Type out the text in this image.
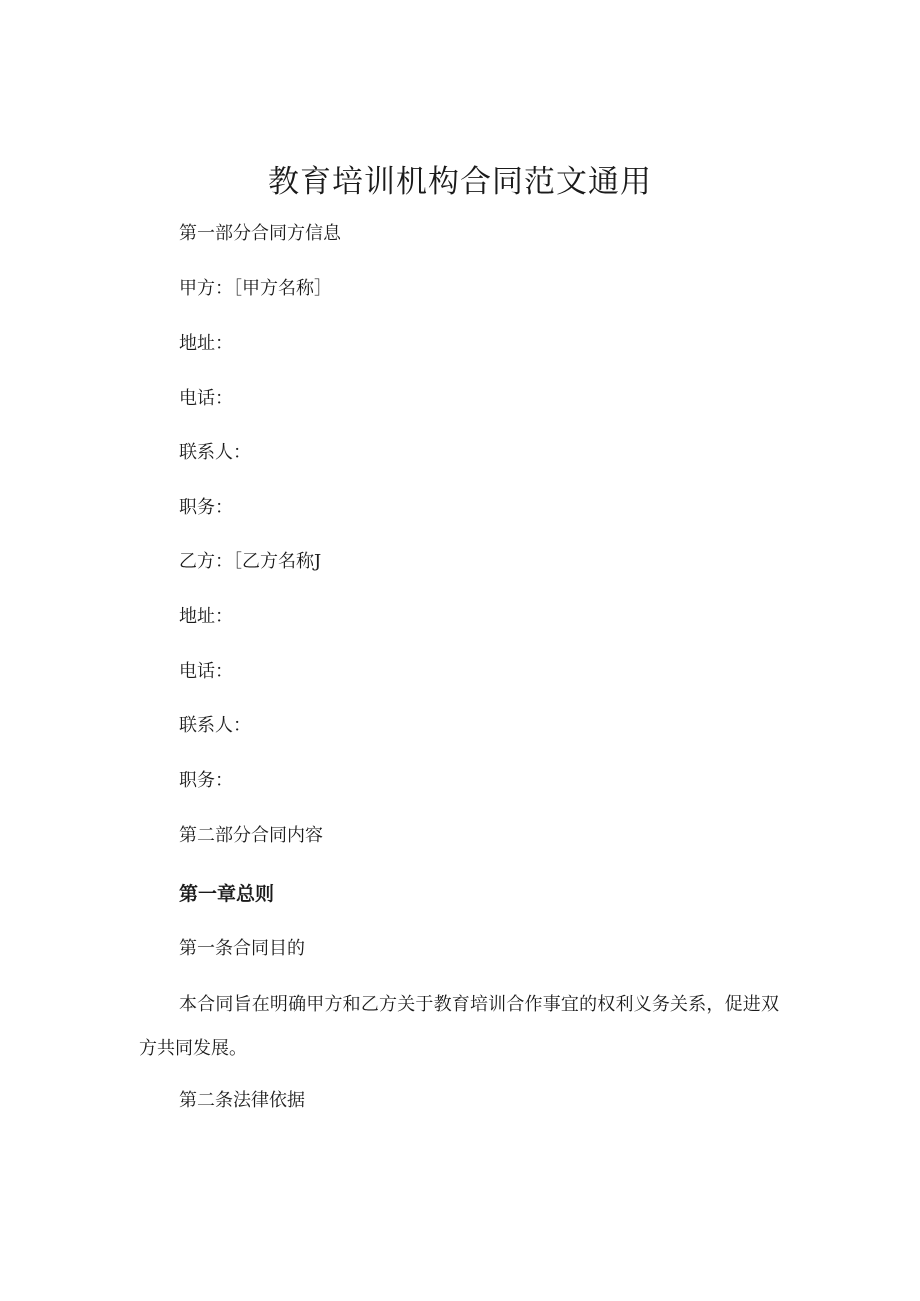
教育培训机构合同范文通用
第一部分合同方信息
甲方：［甲方名称］
地址：
电话：
联系人：
职务：
乙方：［乙方名称J
地址：
电话：
联系人：
职务：
第二部分合同内容
第一章总则
第一条合同目的
本合同旨在明确甲方和乙方关于教育培训合作事宜的权利义务关系，促进双方共同发展。
第二条法律依据
